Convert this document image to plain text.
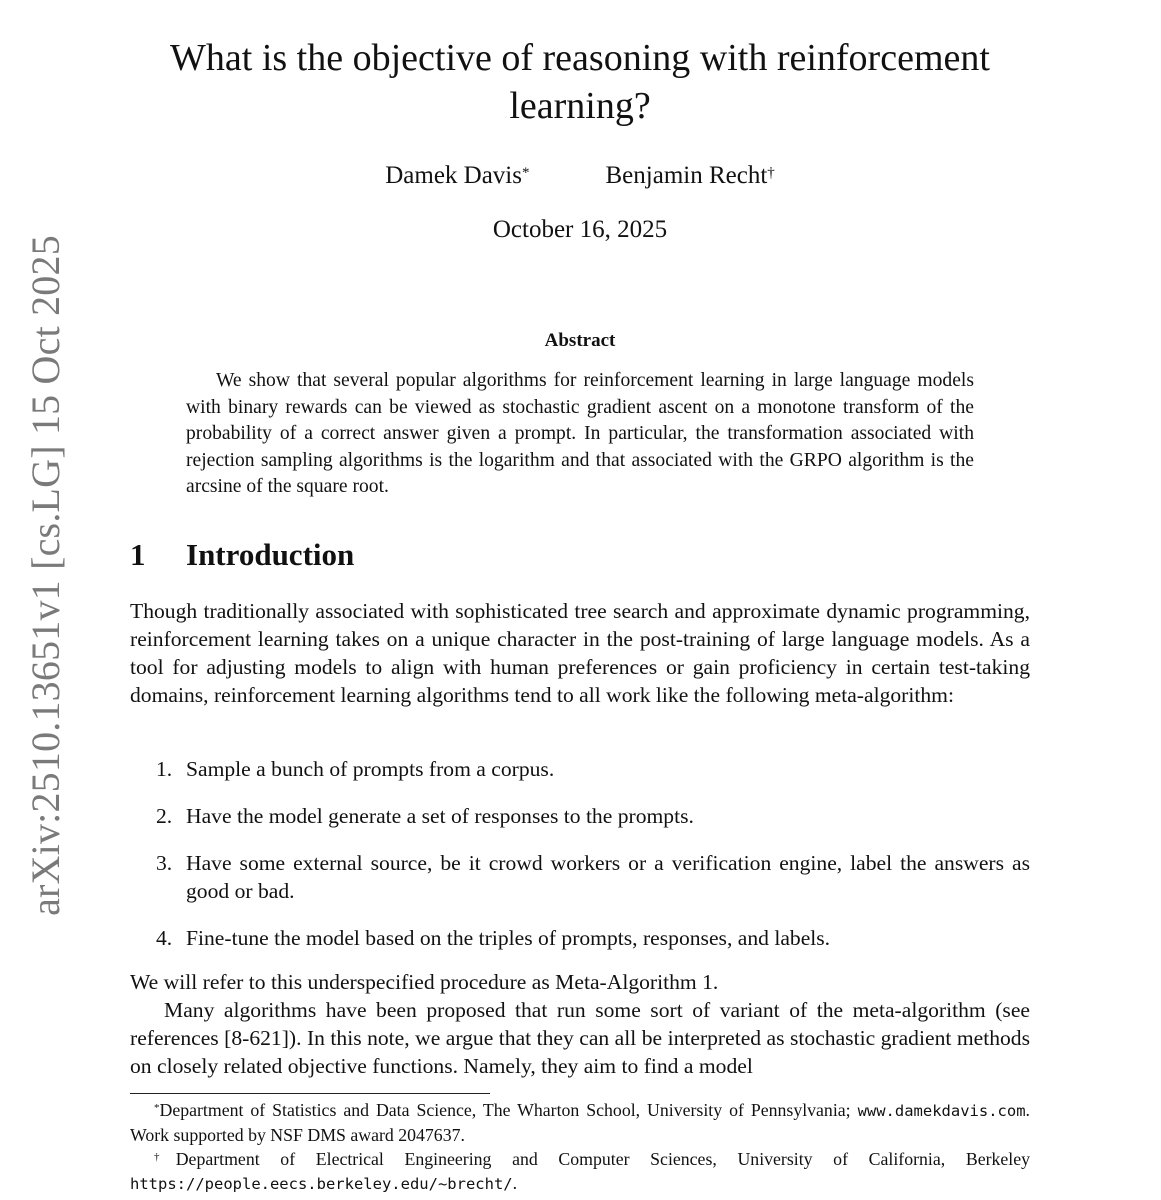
arXiv:2510.13651v1 [cs.LG] 15 Oct 2025
What is the objective of reasoning with reinforcement learning?
Damek Davis*	Benjamin Recht†
October 16, 2025
Abstract

We show that several popular algorithms for reinforcement learning in large language models with binary rewards can be viewed as stochastic gradient ascent on a monotone transform of the probability of a correct answer given a prompt. In particular, the transformation associated with rejection sampling algorithms is the logarithm and that associated with the GRPO algorithm is the arcsine of the square root.

1 Introduction

Though traditionally associated with sophisticated tree search and approximate dynamic programming, reinforcement learning takes on a unique character in the post-training of large language models. As a tool for adjusting models to align with human preferences or gain proficiency in certain test-taking domains, reinforcement learning algorithms tend to all work like the following meta-algorithm:

1. Sample a bunch of prompts from a corpus.
2. Have the model generate a set of responses to the prompts.
3. Have some external source, be it crowd workers or a verification engine, label the answers as good or bad.
4. Fine-tune the model based on the triples of prompts, responses, and labels.

We will refer to this underspecified procedure as Meta-Algorithm 1.

Many algorithms have been proposed that run some sort of variant of the meta-algorithm (see references [8-621]). In this note, we argue that they can all be interpreted as stochastic gradient methods on closely related objective functions. Namely, they aim to find a model

*Department of Statistics and Data Science, The Wharton School, University of Pennsylvania; www.damekdavis.com. Work supported by NSF DMS award 2047637.

†Department of Electrical Engineering and Computer Sciences, University of California, Berkeley https://people.eecs.berkeley.edu/~brecht/.
